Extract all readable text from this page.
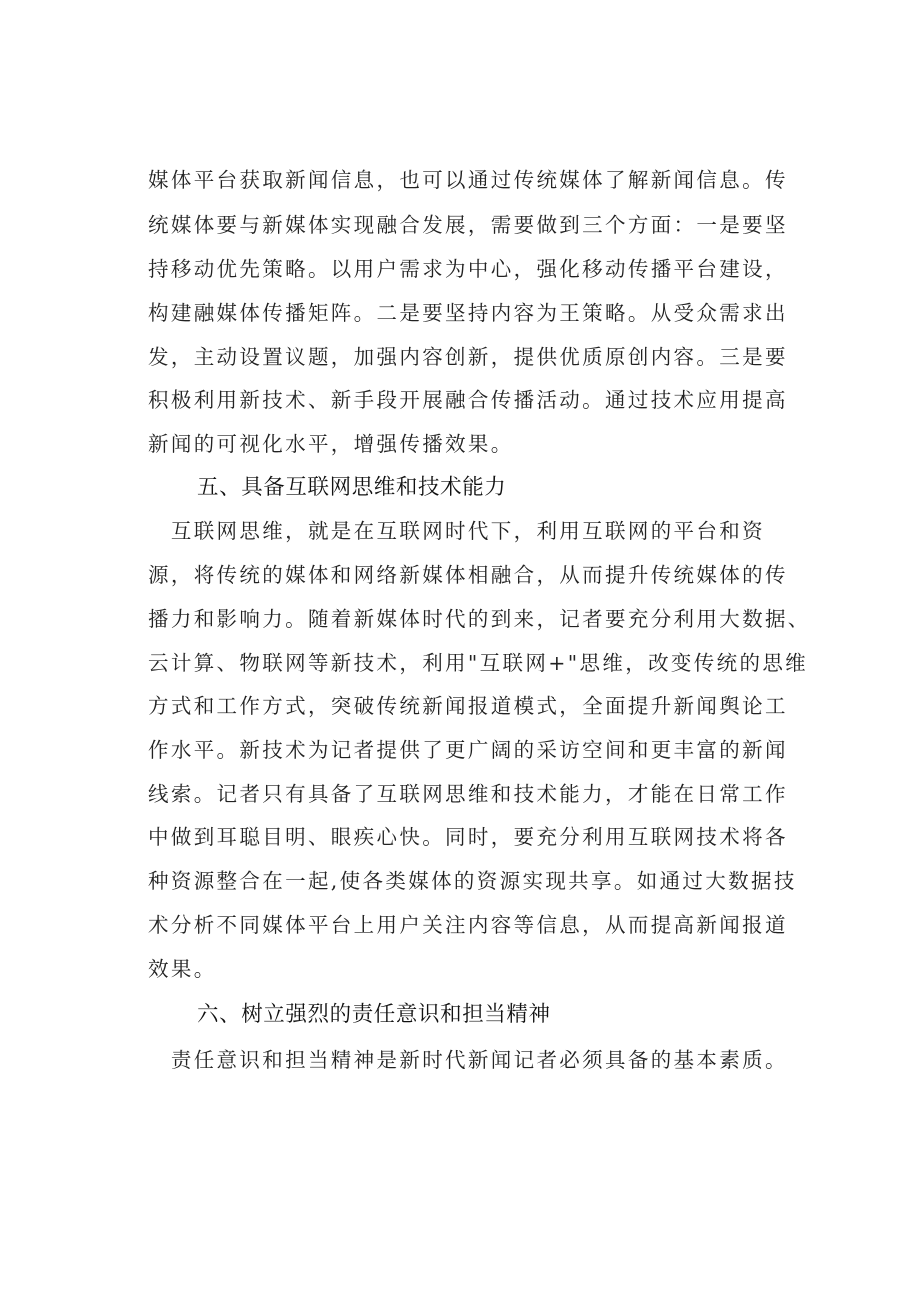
媒体平台获取新闻信息，也可以通过传统媒体了解新闻信息。传
统媒体要与新媒体实现融合发展，需要做到三个方面：一是要坚
持移动优先策略。以用户需求为中心，强化移动传播平台建设，
构建融媒体传播矩阵。二是要坚持内容为王策略。从受众需求出
发，主动设置议题，加强内容创新，提供优质原创内容。三是要
积极利用新技术、新手段开展融合传播活动。通过技术应用提高
新闻的可视化水平，增强传播效果。
五、具备互联网思维和技术能力
　互联网思维，就是在互联网时代下，利用互联网的平台和资
源，将传统的媒体和网络新媒体相融合，从而提升传统媒体的传
播力和影响力。随着新媒体时代的到来，记者要充分利用大数据、
云计算、物联网等新技术，利用"互联网+"思维，改变传统的思维
方式和工作方式，突破传统新闻报道模式，全面提升新闻舆论工
作水平。新技术为记者提供了更广阔的采访空间和更丰富的新闻
线索。记者只有具备了互联网思维和技术能力，才能在日常工作
中做到耳聪目明、眼疾心快。同时，要充分利用互联网技术将各
种资源整合在一起,使各类媒体的资源实现共享。如通过大数据技
术分析不同媒体平台上用户关注内容等信息，从而提高新闻报道
效果。
六、树立强烈的责任意识和担当精神
　责任意识和担当精神是新时代新闻记者必须具备的基本素质。
